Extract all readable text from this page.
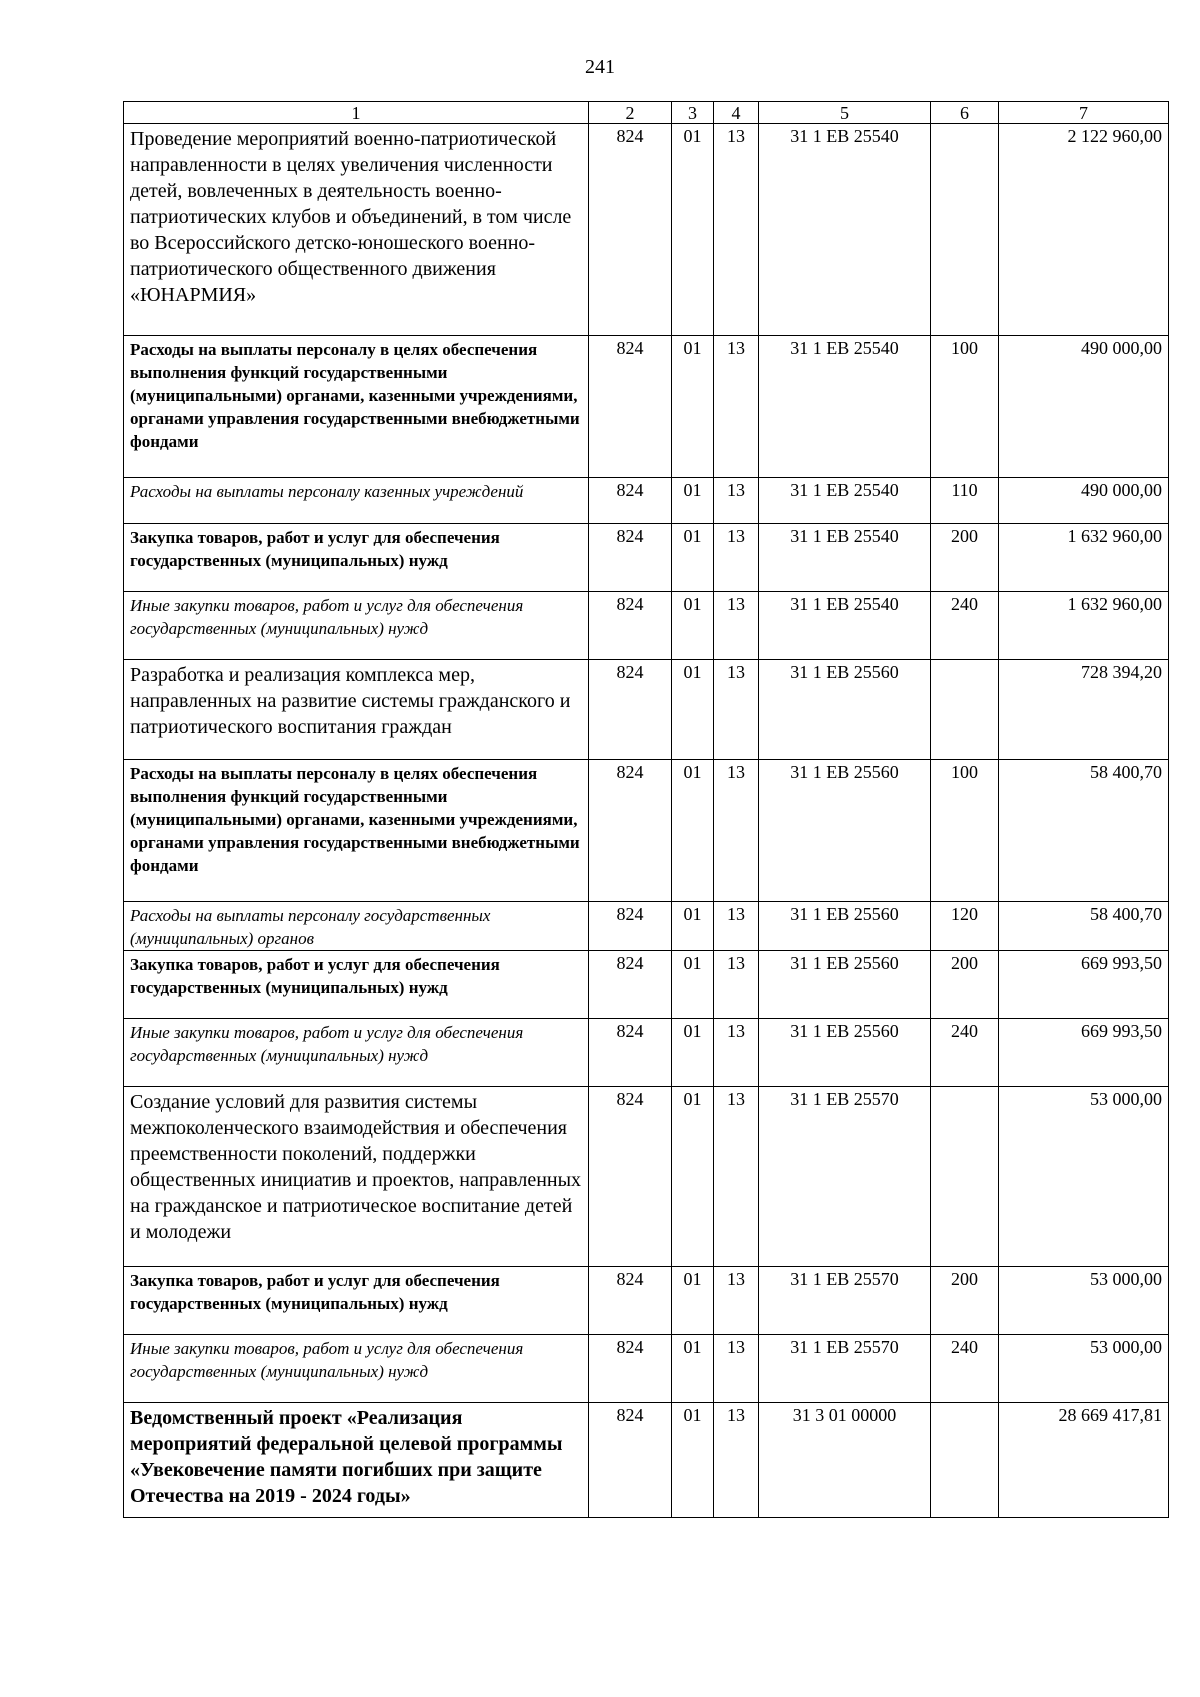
241
1	2	3	4	5	6	7
Проведение мероприятий военно-патриотической направленности в целях увеличения численности детей, вовлеченных в деятельность военно-патриотических клубов и объединений, в том числе во Всероссийского детско-юношеского военно-патриотического общественного движения «ЮНАРМИЯ»	824	01	13	31 1 EB 25540		2 122 960,00
Расходы на выплаты персоналу в целях обеспечения выполнения функций государственными (муниципальными) органами, казенными учреждениями, органами управления государственными внебюджетными фондами	824	01	13	31 1 EB 25540	100	490 000,00
Расходы на выплаты персоналу казенных учреждений	824	01	13	31 1 EB 25540	110	490 000,00
Закупка товаров, работ и услуг для обеспечения государственных (муниципальных) нужд	824	01	13	31 1 EB 25540	200	1 632 960,00
Иные закупки товаров, работ и услуг для обеспечения государственных (муниципальных) нужд	824	01	13	31 1 EB 25540	240	1 632 960,00
Разработка и реализация комплекса мер, направленных на развитие системы гражданского и патриотического воспитания граждан	824	01	13	31 1 EB 25560		728 394,20
Расходы на выплаты персоналу в целях обеспечения выполнения функций государственными (муниципальными) органами, казенными учреждениями, органами управления государственными внебюджетными фондами	824	01	13	31 1 EB 25560	100	58 400,70
Расходы на выплаты персоналу государственных (муниципальных) органов	824	01	13	31 1 EB 25560	120	58 400,70
Закупка товаров, работ и услуг для обеспечения государственных (муниципальных) нужд	824	01	13	31 1 EB 25560	200	669 993,50
Иные закупки товаров, работ и услуг для обеспечения государственных (муниципальных) нужд	824	01	13	31 1 EB 25560	240	669 993,50
Создание условий для развития системы межпоколенческого взаимодействия и обеспечения преемственности поколений, поддержки общественных инициатив и проектов, направленных на гражданское и патриотическое воспитание детей и молодежи	824	01	13	31 1 EB 25570		53 000,00
Закупка товаров, работ и услуг для обеспечения государственных (муниципальных) нужд	824	01	13	31 1 EB 25570	200	53 000,00
Иные закупки товаров, работ и услуг для обеспечения государственных (муниципальных) нужд	824	01	13	31 1 EB 25570	240	53 000,00
Ведомственный проект «Реализация мероприятий федеральной целевой программы «Увековечение памяти погибших при защите Отечества на 2019 - 2024 годы»	824	01	13	31 3 01 00000		28 669 417,81
